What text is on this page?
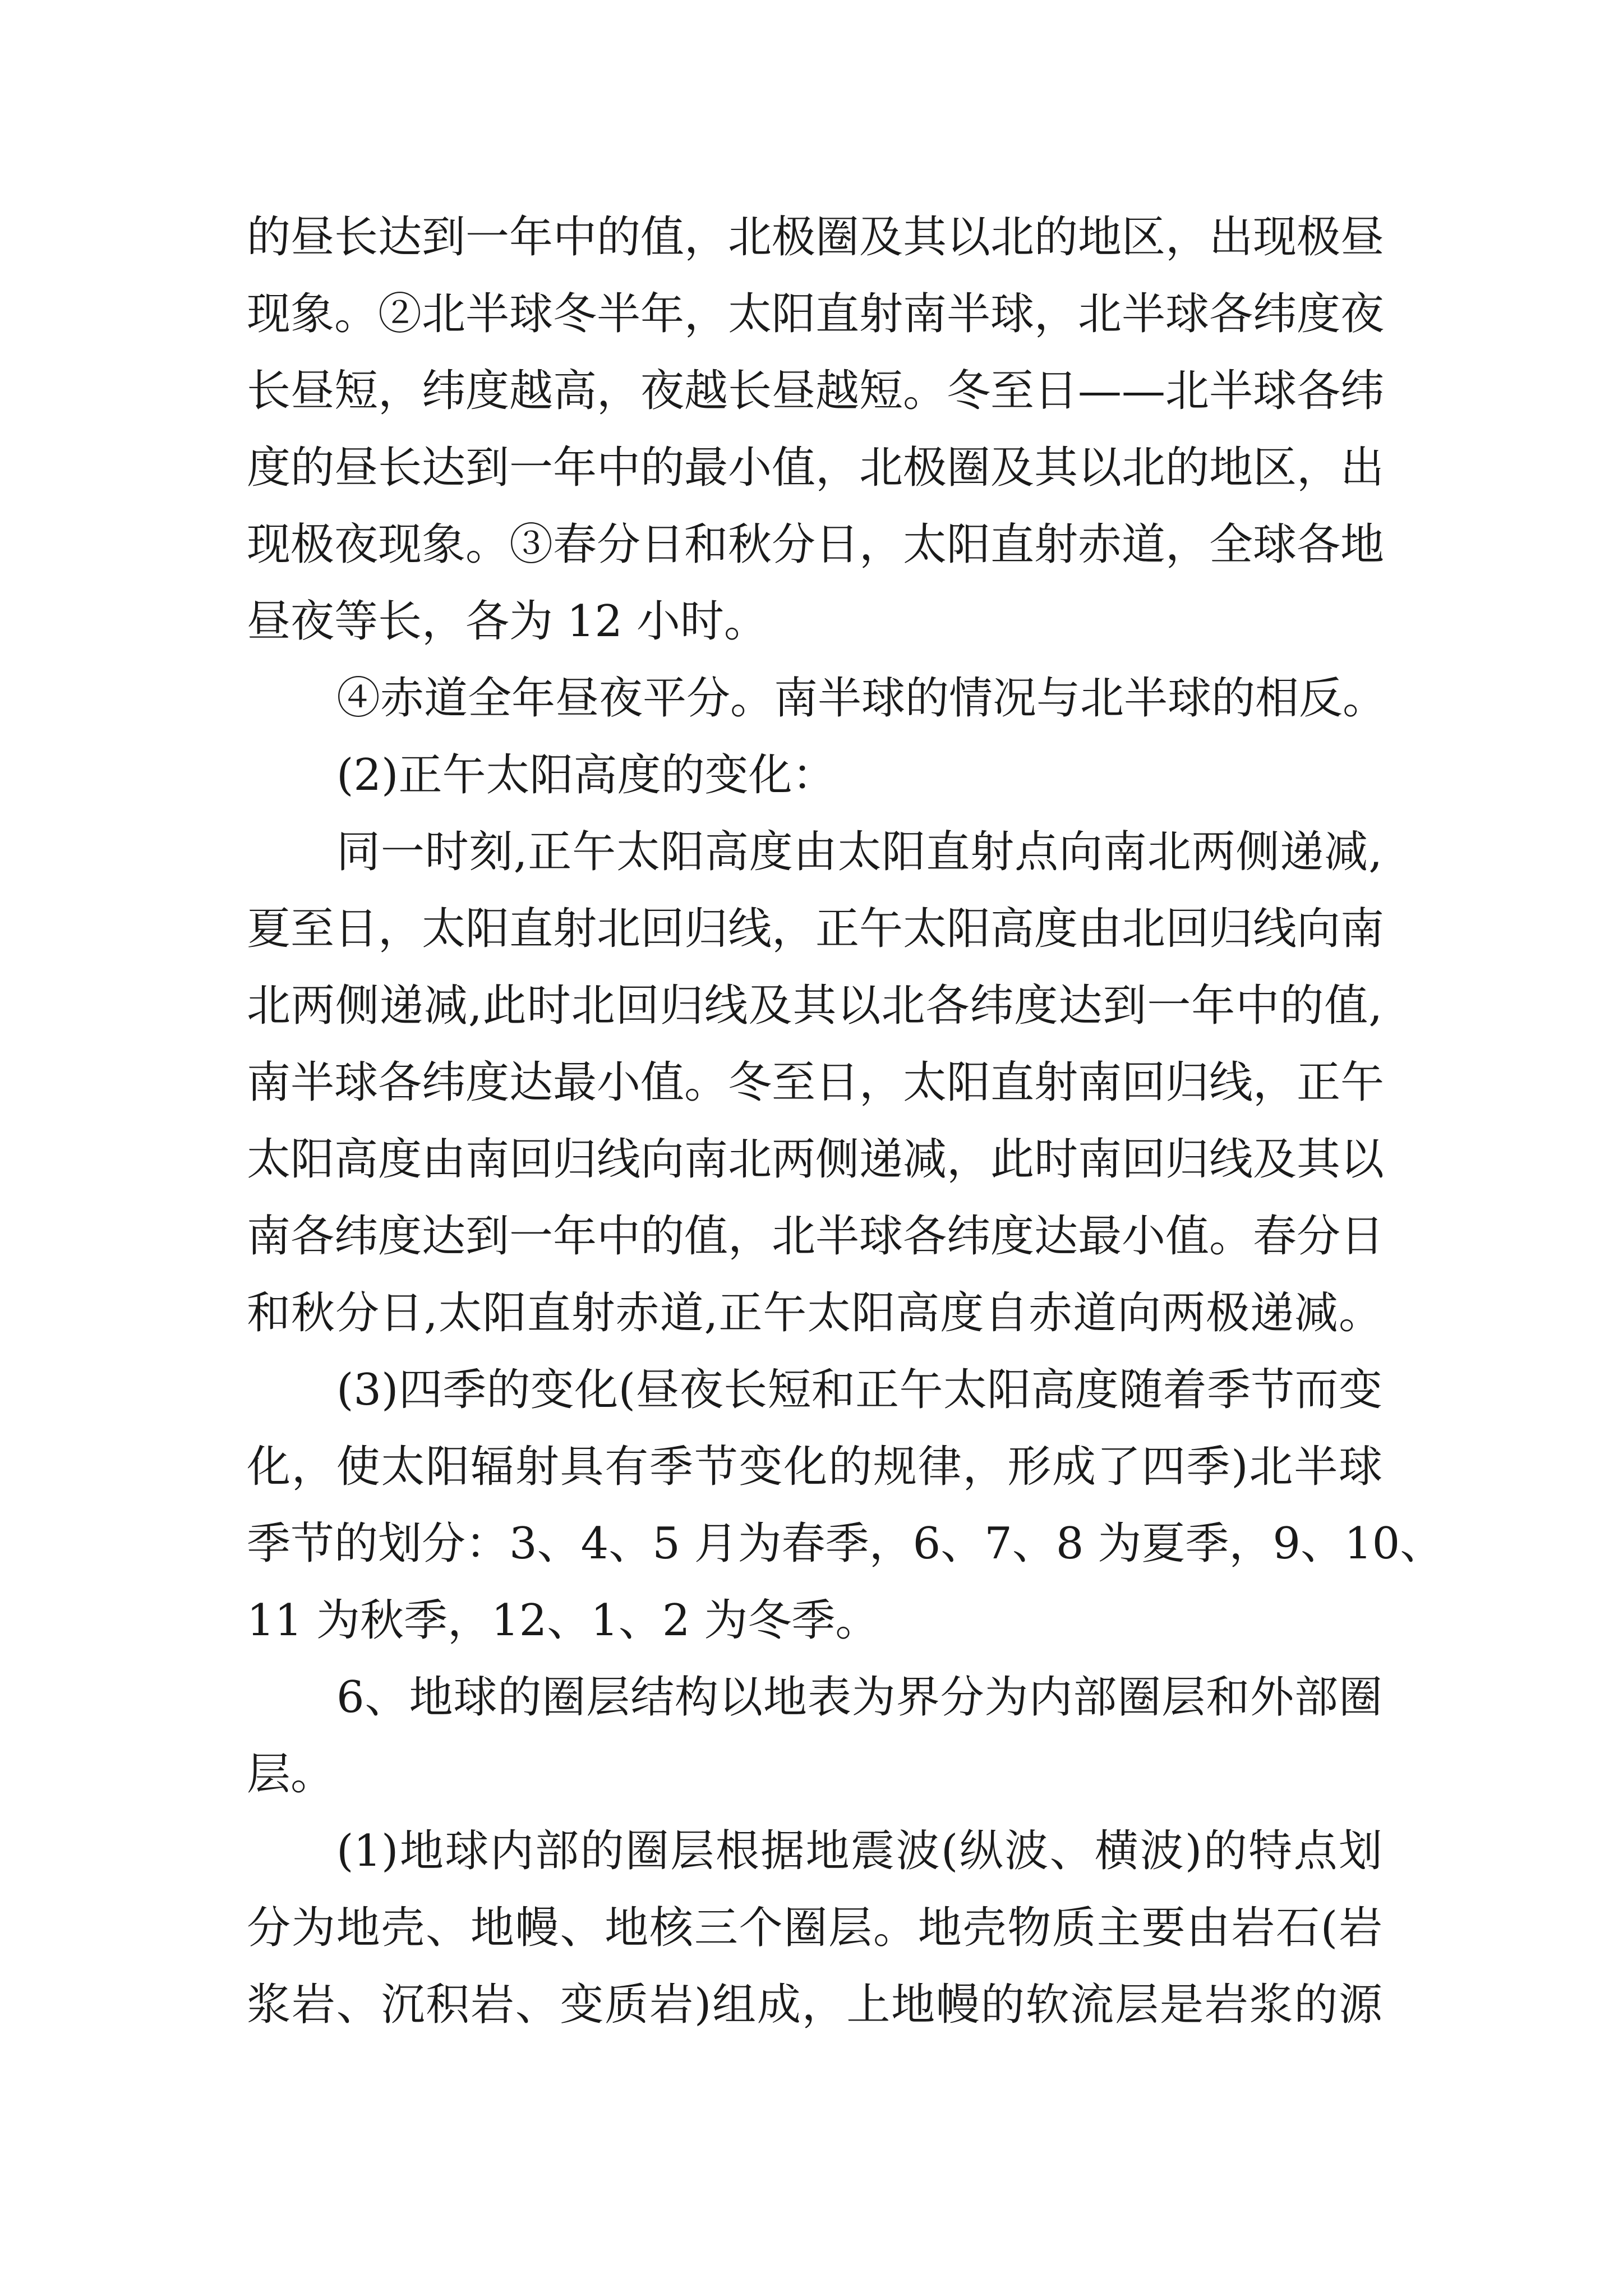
的昼长达到一年中的值，北极圈及其以北的地区，出现极昼
现象。②北半球冬半年，太阳直射南半球，北半球各纬度夜
长昼短，纬度越高，夜越长昼越短。冬至日——北半球各纬
度的昼长达到一年中的最小值，北极圈及其以北的地区，出
现极夜现象。③春分日和秋分日，太阳直射赤道，全球各地
昼夜等长，各为 12 小时。
④赤道全年昼夜平分。南半球的情况与北半球的相反。
(2)正午太阳高度的变化：
同一时刻,正午太阳高度由太阳直射点向南北两侧递减,
夏至日，太阳直射北回归线，正午太阳高度由北回归线向南
北两侧递减,此时北回归线及其以北各纬度达到一年中的值,
南半球各纬度达最小值。冬至日，太阳直射南回归线，正午
太阳高度由南回归线向南北两侧递减，此时南回归线及其以
南各纬度达到一年中的值，北半球各纬度达最小值。春分日
和秋分日,太阳直射赤道,正午太阳高度自赤道向两极递减。
(3)四季的变化(昼夜长短和正午太阳高度随着季节而变
化，使太阳辐射具有季节变化的规律，形成了四季)北半球
季节的划分：3、4、5 月为春季，6、7、8 为夏季，9、10、
11 为秋季，12、1、2 为冬季。
6、地球的圈层结构以地表为界分为内部圈层和外部圈
层。
(1)地球内部的圈层根据地震波(纵波、横波)的特点划
分为地壳、地幔、地核三个圈层。地壳物质主要由岩石(岩
浆岩、沉积岩、变质岩)组成，上地幔的软流层是岩浆的源
